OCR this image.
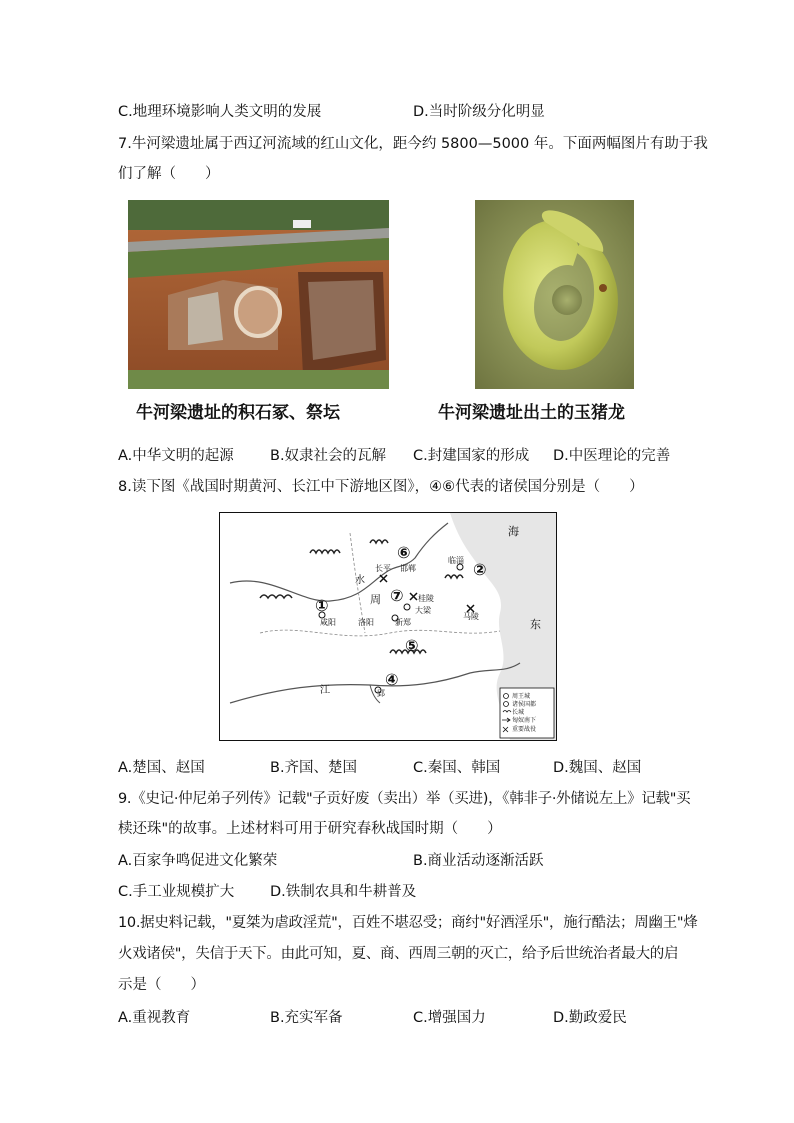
C.地理环境影响人类文明的发展	D.当时阶级分化明显
7.牛河梁遗址属于西辽河流域的红山文化，距今约 5800—5000 年。下面两幅图片有助于我
们了解（　　）
牛河梁遗址的积石冢、祭坛	牛河梁遗址出土的玉猪龙
A.中华文明的起源 B.奴隶社会的瓦解 C.封建国家的形成 D.中医理论的完善
8.读下图《战国时期黄河、长江中下游地区图》，④⑥代表的诸侯国分别是（　　）
⑥
②
⑦
①
⑤
④
长平 邯郸
临淄
周
洛阳
大梁
桂陵
马陵
咸阳	新郑
郢
水
江
海
东
周王城
诸侯国都
长城
匈奴南下
重要战役
A.楚国、赵国	B.齐国、楚国	C.秦国、韩国	D.魏国、赵国
9.《史记·仲尼弟子列传》记载"子贡好废（卖出）举（买进)，《韩非子·外储说左上》记载"买
椟还珠"的故事。上述材料可用于研究春秋战国时期（　　）
A.百家争鸣促进文化繁荣	B.商业活动逐渐活跃
C.手工业规模扩大 D.铁制农具和牛耕普及
10.据史料记载，"夏桀为虐政淫荒"，百姓不堪忍受；商纣"好酒淫乐"，施行酷法；周幽王"烽
火戏诸侯"，失信于天下。由此可知，夏、商、西周三朝的灭亡，给予后世统治者最大的启
示是（　　）
A.重视教育	B.充实军备	C.增强国力	D.勤政爱民
